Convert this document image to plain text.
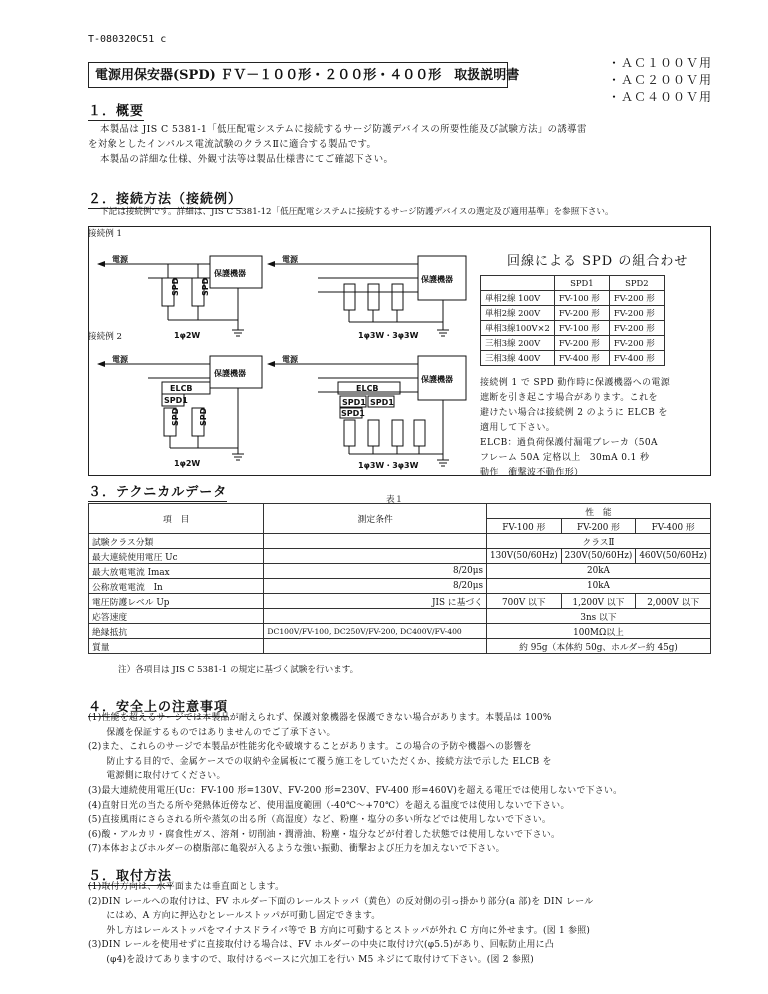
T-080320C51 c
電源用保安器(SPD) ＦＶ－１００形・２００形・４００形　取扱説明書
・ＡＣ１００Ｖ用
・ＡＣ２００Ｖ用
・ＡＣ４００Ｖ用
１．概要
本製品は JIS C 5381-1「低圧配電システムに接続するサージ防護デバイスの所要性能及び試験方法」の誘導雷
を対象としたインパルス電流試験のクラスⅡに適合する製品です。
本製品の詳細な仕様、外観寸法等は製品仕様書にてご確認下さい。
２．接続方法（接続例）
下記は接続例です。詳細は、JIS C 5381-12「低圧配電システムに接続するサージ防護デバイスの選定及び適用基準」を参照下さい。
接続例 1
接続例 2
電源
保護機器
電源
保護機器
1φ2W	1φ3W・3φ3W
電源
保護機器
ELCB
SPD1
電源
保護機器
ELCB
SPD1 SPD1
SPD1
1φ2W	1φ3W・3φ3W
SPD	SPD
SPD SPD
回線による SPD の組合わせ
	SPD1	SPD2
単相2線 100V	FV-100 形	FV-200 形
単相2線 200V	FV-200 形	FV-200 形
単相3線100V×2	FV-100 形	FV-200 形
三相3線 200V	FV-200 形	FV-200 形
三相3線 400V	FV-400 形	FV-400 形
接続例 1 で SPD 動作時に保護機器への電源
遮断を引き起こす場合があります。これを
避けたい場合は接続例 2 のように ELCB を
適用して下さい。
ELCB：過負荷保護付漏電ブレーカ（50A
フレーム 50A 定格以上　30mA 0.1 秒
動作　衝撃波不動作形）
３．テクニカルデータ	表１
項　目	測定条件	性　能		
		FV-100 形	FV-200 形	FV-400 形
試験クラス分類		クラスⅡ		
最大連続使用電圧 Uc		130V(50/60Hz)	230V(50/60Hz)	460V(50/60Hz)
最大放電電流 Imax	8/20μs	20kA		
公称放電電流　In	8/20μs	10kA		
電圧防護レベル Up	JIS に基づく	700V 以下	1,200V 以下	2,000V 以下
応答速度		3ns 以下		
絶縁抵抗	DC100V/FV-100, DC250V/FV-200, DC400V/FV-400	100MΩ以上		
質量		約 95g（本体約 50g、ホルダー約 45g)		
注）各項目は JIS C 5381-1 の規定に基づく試験を行います。
４．安全上の注意事項
(1)性能を超えるサージでは本製品が耐えられず、保護対象機器を保護できない場合があります。本製品は 100%
　　保護を保証するものではありませんのでご了承下さい。
(2)また、これらのサージで本製品が性能劣化や破壊することがあります。この場合の予防や機器への影響を
　　防止する目的で、金属ケースでの収納や金属板にて覆う施工をしていただくか、接続方法で示した ELCB を
　　電源側に取付けてください。
(3)最大連続使用電圧(Uc：FV-100 形=130V、FV-200 形=230V、FV-400 形=460V)を超える電圧では使用しないで下さい。
(4)直射日光の当たる所や発熱体近傍など、使用温度範囲（-40℃～+70℃）を超える温度では使用しないで下さい。
(5)直接風雨にさらされる所や蒸気の出る所（高湿度）など、粉塵・塩分の多い所などでは使用しないで下さい。
(6)酸・アルカリ・腐食性ガス、溶剤・切削油・潤滑油、粉塵・塩分などが付着した状態では使用しないで下さい。
(7)本体およびホルダーの樹脂部に亀裂が入るような強い振動、衝撃および圧力を加えないで下さい。
５．取付方法
(1)取付方向は、水平面または垂直面とします。
(2)DIN レールへの取付けは、FV ホルダー下面のレールストッパ（黄色）の反対側の引っ掛かり部分(a 部)を DIN レール
　　にはめ、A 方向に押込むとレールストッパが可動し固定できます。
　　外し方はレールストッパをマイナスドライバ等で B 方向に可動するとストッパが外れ C 方向に外せます。(図 1 参照)
(3)DIN レールを使用せずに直接取付ける場合は、FV ホルダーの中央に取付け穴(φ5.5)があり、回転防止用に凸
　　(φ4)を設けてありますので、取付けるベースに穴加工を行い M5 ネジにて取付けて下さい。(図 2 参照)
